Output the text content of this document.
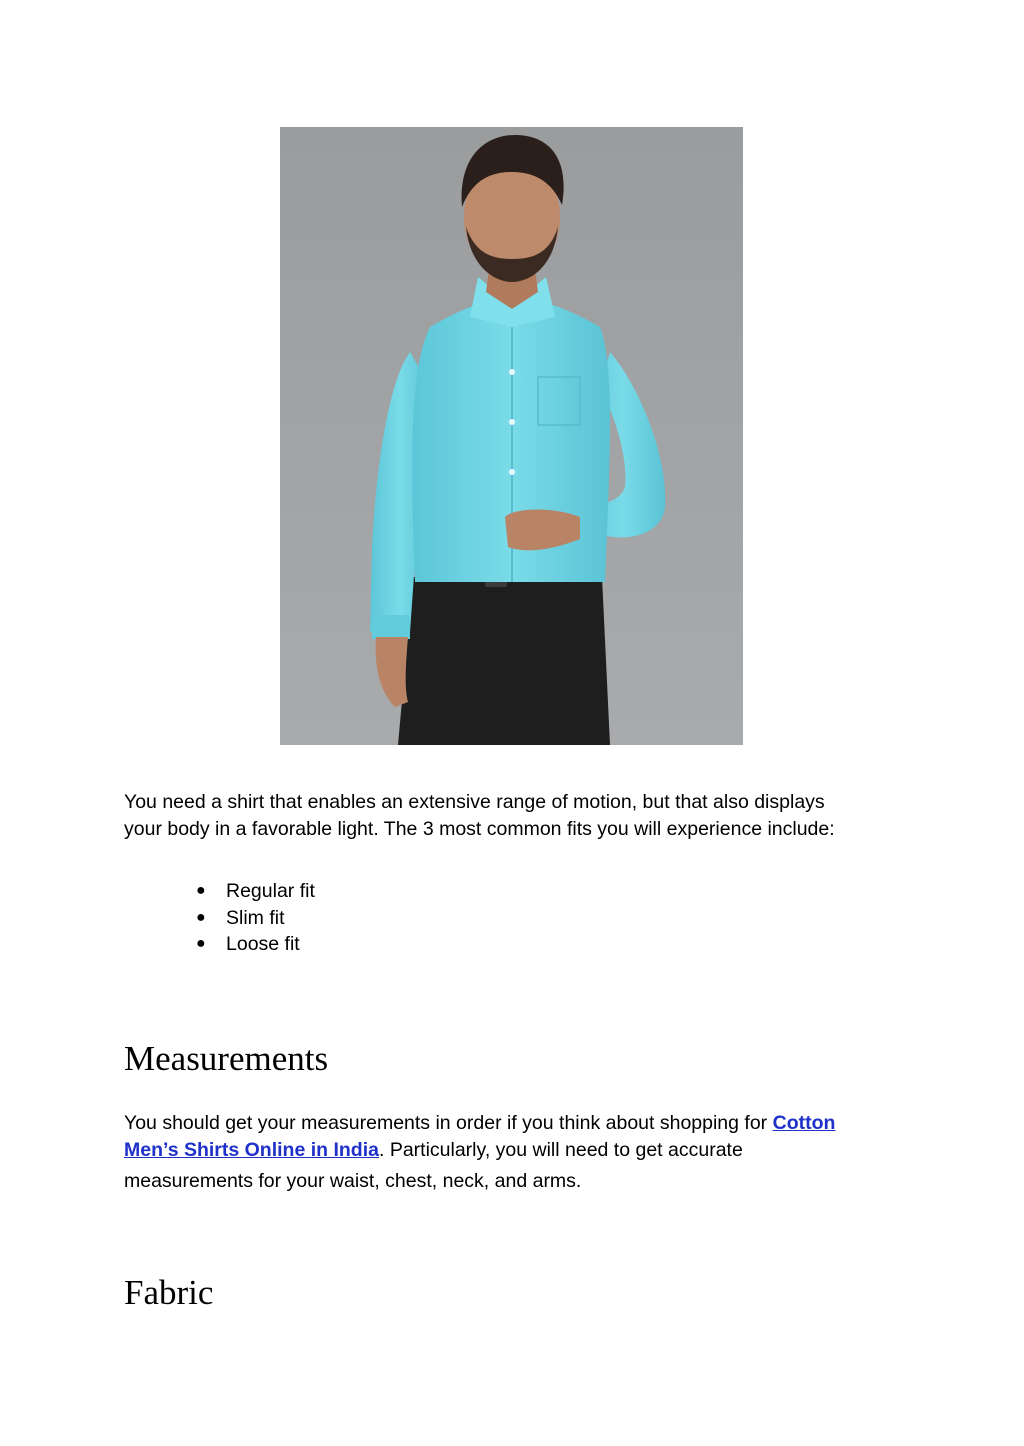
You need a shirt that enables an extensive range of motion, but that also displays
your body in a favorable light. The 3 most common fits you will experience include:

● Regular fit
● Slim fit
● Loose fit
Measurements

You should get your measurements in order if you think about shopping for Cotton
Men’s Shirts Online in India. Particularly, you will need to get accurate
measurements for your waist, chest, neck, and arms.

Fabric
